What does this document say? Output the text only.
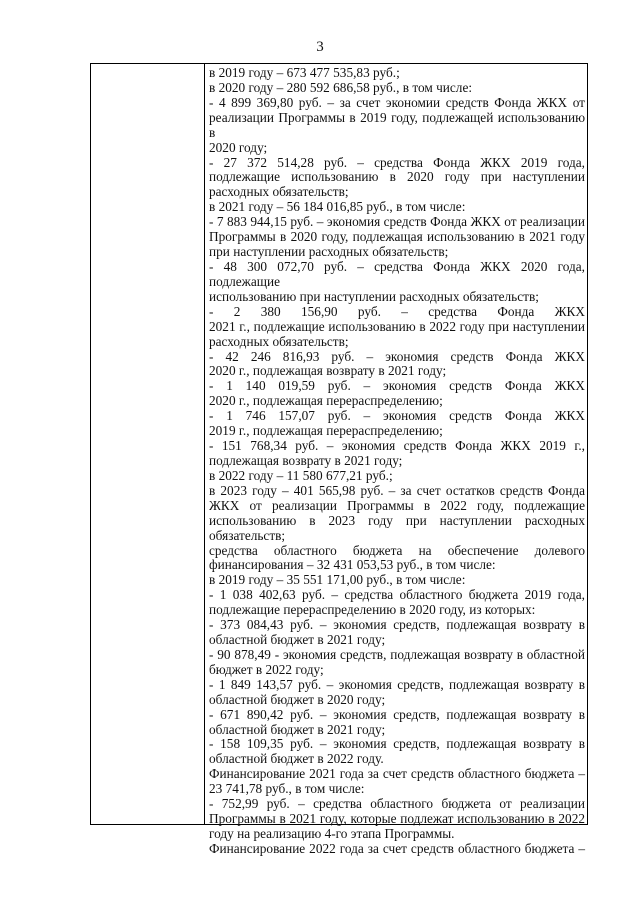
3
в 2019 году – 673 477 535,83 руб.;
в 2020 году – 280 592 686,58 руб., в том числе:
- 4 899 369,80 руб. – за счет экономии средств Фонда ЖКХ от
реализации Программы в 2019 году, подлежащей использованию в
2020 году;
- 27 372 514,28 руб. – средства Фонда ЖКХ 2019 года,
подлежащие использованию в 2020 году при наступлении
расходных обязательств;
в 2021 году – 56 184 016,85 руб., в том числе:
- 7 883 944,15 руб. – экономия средств Фонда ЖКХ от реализации
Программы в 2020 году, подлежащая использованию в 2021 году
при наступлении расходных обязательств;
- 48 300 072,70 руб. – средства Фонда ЖКХ 2020 года, подлежащие
использованию при наступлении расходных обязательств;
- 2 380 156,90 руб. – средства Фонда ЖКХ
2021 г., подлежащие использованию в 2022 году при наступлении
расходных обязательств;
- 42 246 816,93 руб. – экономия средств Фонда ЖКХ
2020 г., подлежащая возврату в 2021 году;
- 1 140 019,59 руб. – экономия средств Фонда ЖКХ
2020 г., подлежащая перераспределению;
- 1 746 157,07 руб. – экономия средств Фонда ЖКХ
2019 г., подлежащая перераспределению;
- 151 768,34 руб. – экономия средств Фонда ЖКХ 2019 г.,
подлежащая возврату в 2021 году;
в 2022 году – 11 580 677,21 руб.;
в 2023 году – 401 565,98 руб. – за счет остатков средств Фонда
ЖКХ от реализации Программы в 2022 году, подлежащие
использованию в 2023 году при наступлении расходных
обязательств;
средства областного бюджета на обеспечение долевого
финансирования – 32 431 053,53 руб., в том числе:
в 2019 году – 35 551 171,00 руб., в том числе:
- 1 038 402,63 руб. – средства областного бюджета 2019 года,
подлежащие перераспределению в 2020 году, из которых:
- 373 084,43 руб. – экономия средств, подлежащая возврату в
областной бюджет в 2021 году;
- 90 878,49 - экономия средств, подлежащая возврату в областной
бюджет в 2022 году;
- 1 849 143,57 руб. – экономия средств, подлежащая возврату в
областной бюджет в 2020 году;
- 671 890,42 руб. – экономия средств, подлежащая возврату в
областной бюджет в 2021 году;
- 158 109,35 руб. – экономия средств, подлежащая возврату в
областной бюджет в 2022 году.
Финансирование 2021 года за счет средств областного бюджета –
23 741,78 руб., в том числе:
- 752,99 руб. – средства областного бюджета от реализации
Программы в 2021 году, которые подлежат использованию в 2022
году на реализацию 4-го этапа Программы.
Финансирование 2022 года за счет средств областного бюджета –
